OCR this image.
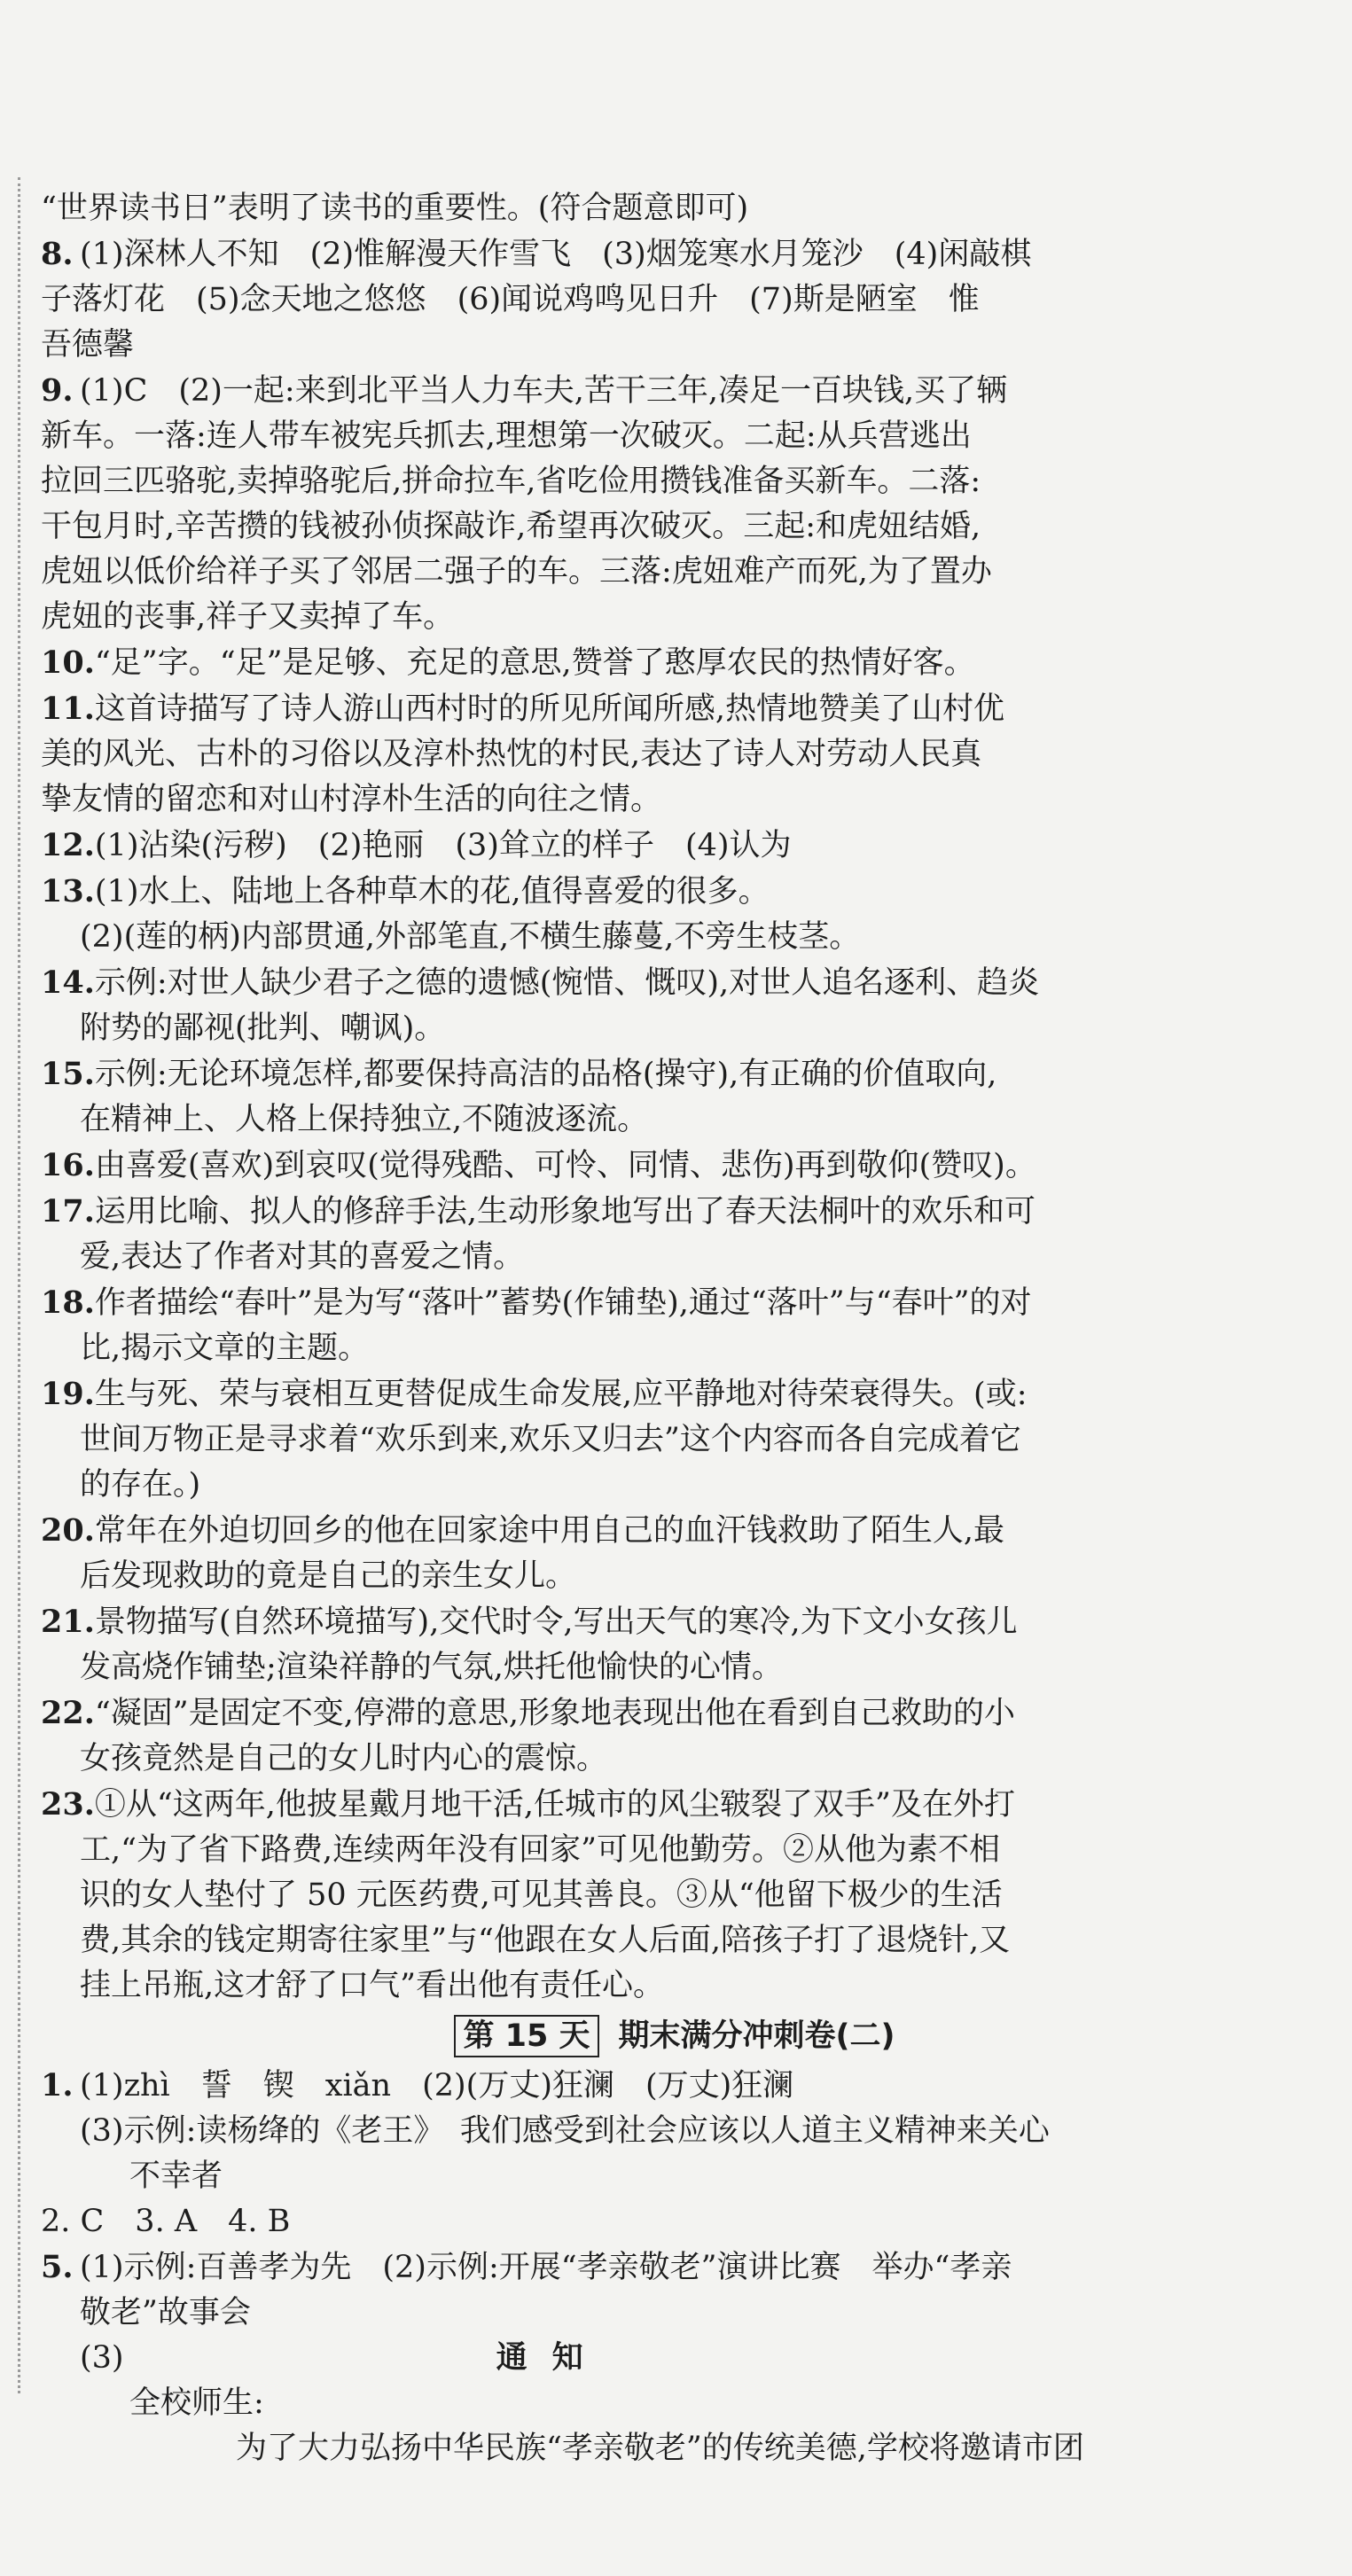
“世界读书日”表明了读书的重要性。(符合题意即可)
8. (1)深林人不知　(2)惟解漫天作雪飞　(3)烟笼寒水月笼沙　(4)闲敲棋
子落灯花　(5)念天地之悠悠　(6)闻说鸡鸣见日升　(7)斯是陋室　惟
吾德馨
9. (1)C　(2)一起:来到北平当人力车夫,苦干三年,凑足一百块钱,买了辆
新车。一落:连人带车被宪兵抓去,理想第一次破灭。二起:从兵营逃出
拉回三匹骆驼,卖掉骆驼后,拼命拉车,省吃俭用攒钱准备买新车。二落:
干包月时,辛苦攒的钱被孙侦探敲诈,希望再次破灭。三起:和虎妞结婚,
虎妞以低价给祥子买了邻居二强子的车。三落:虎妞难产而死,为了置办
虎妞的丧事,祥子又卖掉了车。
10.“足”字。“足”是足够、充足的意思,赞誉了憨厚农民的热情好客。
11.这首诗描写了诗人游山西村时的所见所闻所感,热情地赞美了山村优
美的风光、古朴的习俗以及淳朴热忱的村民,表达了诗人对劳动人民真
挚友情的留恋和对山村淳朴生活的向往之情。
12.(1)沾染(污秽)　(2)艳丽　(3)耸立的样子　(4)认为
13.(1)水上、陆地上各种草木的花,值得喜爱的很多。
(2)(莲的柄)内部贯通,外部笔直,不横生藤蔓,不旁生枝茎。
14.示例:对世人缺少君子之德的遗憾(惋惜、慨叹),对世人追名逐利、趋炎
附势的鄙视(批判、嘲讽)。
15.示例:无论环境怎样,都要保持高洁的品格(操守),有正确的价值取向,
在精神上、人格上保持独立,不随波逐流。
16.由喜爱(喜欢)到哀叹(觉得残酷、可怜、同情、悲伤)再到敬仰(赞叹)。
17.运用比喻、拟人的修辞手法,生动形象地写出了春天法桐叶的欢乐和可
爱,表达了作者对其的喜爱之情。
18.作者描绘“春叶”是为写“落叶”蓄势(作铺垫),通过“落叶”与“春叶”的对
比,揭示文章的主题。
19.生与死、荣与衰相互更替促成生命发展,应平静地对待荣衰得失。(或:
世间万物正是寻求着“欢乐到来,欢乐又归去”这个内容而各自完成着它
的存在。)
20.常年在外迫切回乡的他在回家途中用自己的血汗钱救助了陌生人,最
后发现救助的竟是自己的亲生女儿。
21.景物描写(自然环境描写),交代时令,写出天气的寒冷,为下文小女孩儿
发高烧作铺垫;渲染祥静的气氛,烘托他愉快的心情。
22.“凝固”是固定不变,停滞的意思,形象地表现出他在看到自己救助的小
女孩竟然是自己的女儿时内心的震惊。
23.①从“这两年,他披星戴月地干活,任城市的风尘皲裂了双手”及在外打
工,“为了省下路费,连续两年没有回家”可见他勤劳。②从他为素不相
识的女人垫付了 50 元医药费,可见其善良。③从“他留下极少的生活
费,其余的钱定期寄往家里”与“他跟在女人后面,陪孩子打了退烧针,又
挂上吊瓶,这才舒了口气”看出他有责任心。
第 15 天 期末满分冲刺卷(二)
1. (1)zhì　誓　锲　xiǎn　(2)(万丈)狂澜　(万丈)狂澜
(3)示例:读杨绛的《老王》　我们感受到社会应该以人道主义精神来关心
不幸者
2. C　3. A　4. B
5. (1)示例:百善孝为先　(2)示例:开展“孝亲敬老”演讲比赛　举办“孝亲
敬老”故事会
(3)	通知
全校师生:
为了大力弘扬中华民族“孝亲敬老”的传统美德,学校将邀请市团
